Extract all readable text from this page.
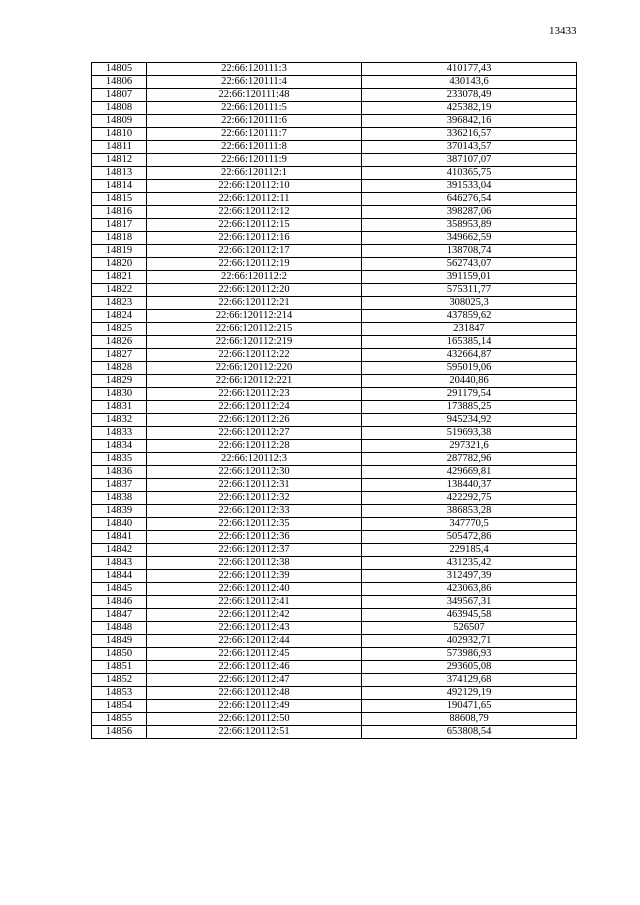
13433
14805	22:66:120111:3	410177,43
14806	22:66:120111:4	430143,6
14807	22:66:120111:48	233078,49
14808	22:66:120111:5	425382,19
14809	22:66:120111:6	396842,16
14810	22:66:120111:7	336216,57
14811	22:66:120111:8	370143,57
14812	22:66:120111:9	387107,07
14813	22:66:120112:1	410365,75
14814	22:66:120112:10	391533,04
14815	22:66:120112:11	646276,54
14816	22:66:120112:12	398287,06
14817	22:66:120112:15	358953,89
14818	22:66:120112:16	349662,59
14819	22:66:120112:17	138708,74
14820	22:66:120112:19	562743,07
14821	22:66:120112:2	391159,01
14822	22:66:120112:20	575311,77
14823	22:66:120112:21	308025,3
14824	22:66:120112:214	437859,62
14825	22:66:120112:215	231847
14826	22:66:120112:219	165385,14
14827	22:66:120112:22	432664,87
14828	22:66:120112:220	595019,06
14829	22:66:120112:221	20440,86
14830	22:66:120112:23	291179,54
14831	22:66:120112:24	173885,25
14832	22:66:120112:26	945234,92
14833	22:66:120112:27	519693,38
14834	22:66:120112:28	297321,6
14835	22:66:120112:3	287782,96
14836	22:66:120112:30	429669,81
14837	22:66:120112:31	138440,37
14838	22:66:120112:32	422292,75
14839	22:66:120112:33	386853,28
14840	22:66:120112:35	347770,5
14841	22:66:120112:36	505472,86
14842	22:66:120112:37	229185,4
14843	22:66:120112:38	431235,42
14844	22:66:120112:39	312497,39
14845	22:66:120112:40	423063,86
14846	22:66:120112:41	349567,31
14847	22:66:120112:42	463945,58
14848	22:66:120112:43	526507
14849	22:66:120112:44	402932,71
14850	22:66:120112:45	573986,93
14851	22:66:120112:46	293605,08
14852	22:66:120112:47	374129,68
14853	22:66:120112:48	492129,19
14854	22:66:120112:49	190471,65
14855	22:66:120112:50	88608,79
14856	22:66:120112:51	653808,54
